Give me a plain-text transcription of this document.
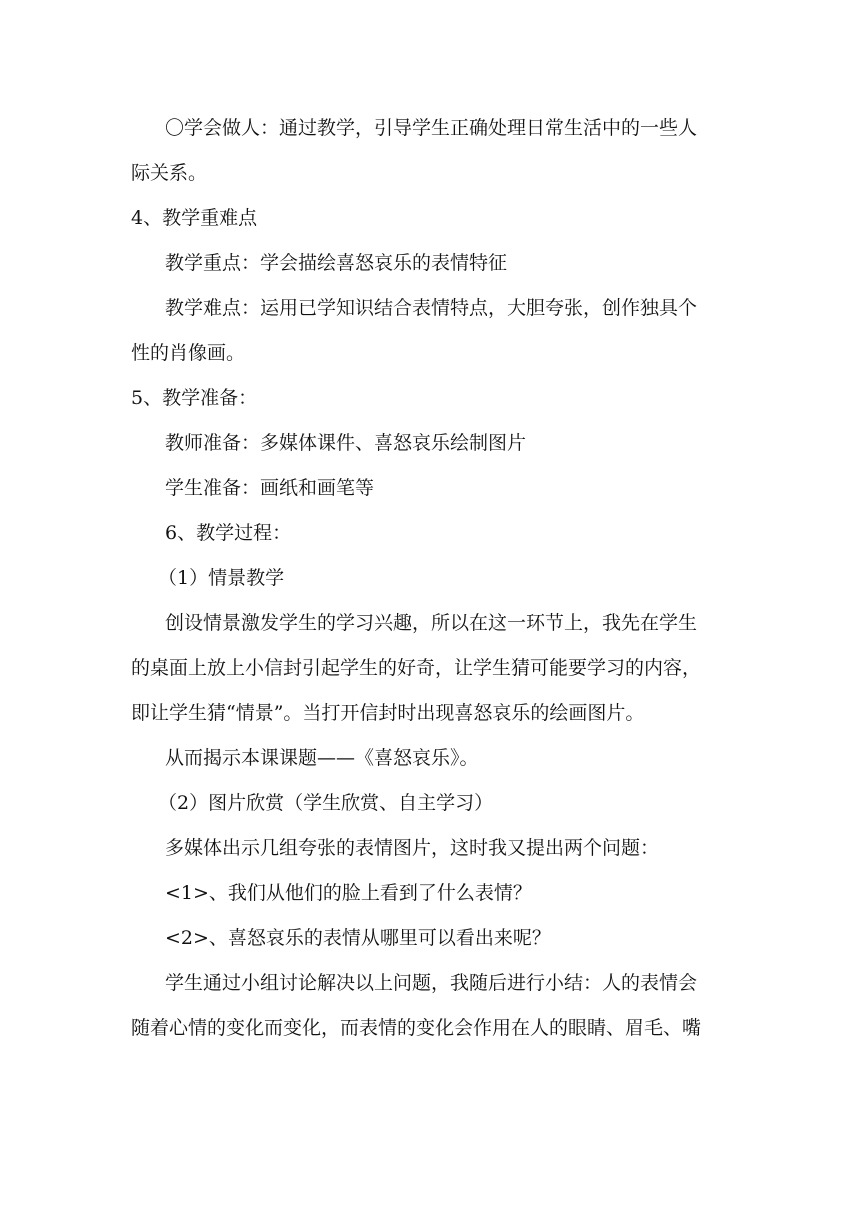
〇学会做人：通过教学，引导学生正确处理日常生活中的一些人
际关系。
4、教学重难点
教学重点：学会描绘喜怒哀乐的表情特征
教学难点：运用已学知识结合表情特点，大胆夸张，创作独具个
性的肖像画。
5、教学准备：
教师准备：多媒体课件、喜怒哀乐绘制图片
学生准备：画纸和画笔等
6、教学过程：
（1）情景教学
创设情景激发学生的学习兴趣，所以在这一环节上，我先在学生
的桌面上放上小信封引起学生的好奇，让学生猜可能要学习的内容，
即让学生猜“情景”。当打开信封时出现喜怒哀乐的绘画图片。
从而揭示本课课题——《喜怒哀乐》。
（2）图片欣赏（学生欣赏、自主学习）
多媒体出示几组夸张的表情图片，这时我又提出两个问题：
<1>、我们从他们的脸上看到了什么表情？
<2>、喜怒哀乐的表情从哪里可以看出来呢？
学生通过小组讨论解决以上问题，我随后进行小结：人的表情会
随着心情的变化而变化，而表情的变化会作用在人的眼睛、眉毛、嘴
